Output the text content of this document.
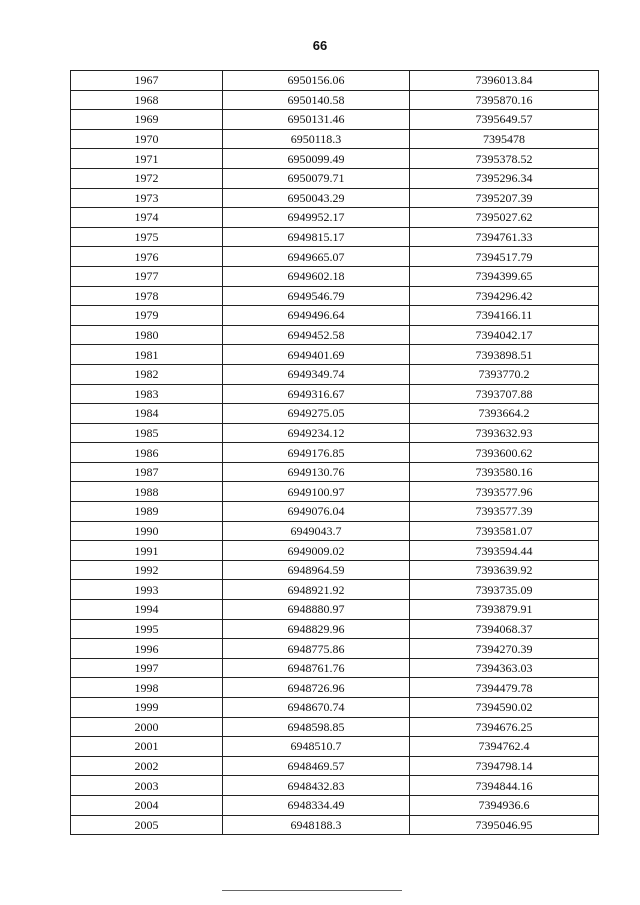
66
1967	6950156.06	7396013.84
1968	6950140.58	7395870.16
1969	6950131.46	7395649.57
1970	6950118.3	7395478
1971	6950099.49	7395378.52
1972	6950079.71	7395296.34
1973	6950043.29	7395207.39
1974	6949952.17	7395027.62
1975	6949815.17	7394761.33
1976	6949665.07	7394517.79
1977	6949602.18	7394399.65
1978	6949546.79	7394296.42
1979	6949496.64	7394166.11
1980	6949452.58	7394042.17
1981	6949401.69	7393898.51
1982	6949349.74	7393770.2
1983	6949316.67	7393707.88
1984	6949275.05	7393664.2
1985	6949234.12	7393632.93
1986	6949176.85	7393600.62
1987	6949130.76	7393580.16
1988	6949100.97	7393577.96
1989	6949076.04	7393577.39
1990	6949043.7	7393581.07
1991	6949009.02	7393594.44
1992	6948964.59	7393639.92
1993	6948921.92	7393735.09
1994	6948880.97	7393879.91
1995	6948829.96	7394068.37
1996	6948775.86	7394270.39
1997	6948761.76	7394363.03
1998	6948726.96	7394479.78
1999	6948670.74	7394590.02
2000	6948598.85	7394676.25
2001	6948510.7	7394762.4
2002	6948469.57	7394798.14
2003	6948432.83	7394844.16
2004	6948334.49	7394936.6
2005	6948188.3	7395046.95
